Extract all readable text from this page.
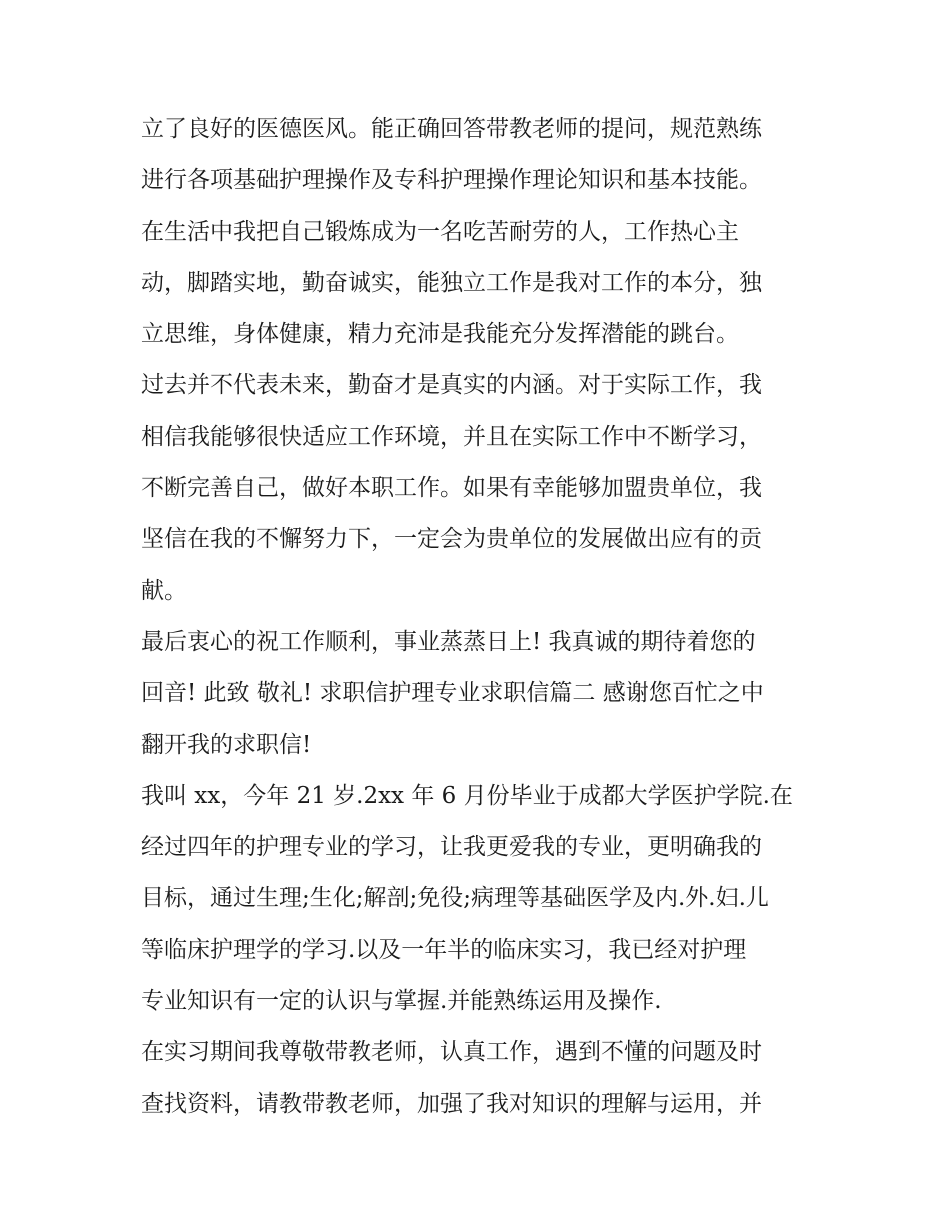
立了良好的医德医风。能正确回答带教老师的提问，规范熟练
进行各项基础护理操作及专科护理操作理论知识和基本技能。
在生活中我把自己锻炼成为一名吃苦耐劳的人，工作热心主
动，脚踏实地，勤奋诚实，能独立工作是我对工作的本分，独
立思维，身体健康，精力充沛是我能充分发挥潜能的跳台。
过去并不代表未来，勤奋才是真实的内涵。对于实际工作，我
相信我能够很快适应工作环境，并且在实际工作中不断学习，
不断完善自己，做好本职工作。如果有幸能够加盟贵单位，我
坚信在我的不懈努力下，一定会为贵单位的发展做出应有的贡
献。
最后衷心的祝工作顺利，事业蒸蒸日上! 我真诚的期待着您的
回音! 此致 敬礼! 求职信护理专业求职信篇二 感谢您百忙之中
翻开我的求职信!
我叫 xx，今年 21 岁.2xx 年 6 月份毕业于成都大学医护学院.在
经过四年的护理专业的学习，让我更爱我的专业，更明确我的
目标，通过生理;生化;解剖;免役;病理等基础医学及内.外.妇.儿
等临床护理学的学习.以及一年半的临床实习，我已经对护理
专业知识有一定的认识与掌握.并能熟练运用及操作.
在实习期间我尊敬带教老师，认真工作，遇到不懂的问题及时
查找资料，请教带教老师，加强了我对知识的理解与运用，并
